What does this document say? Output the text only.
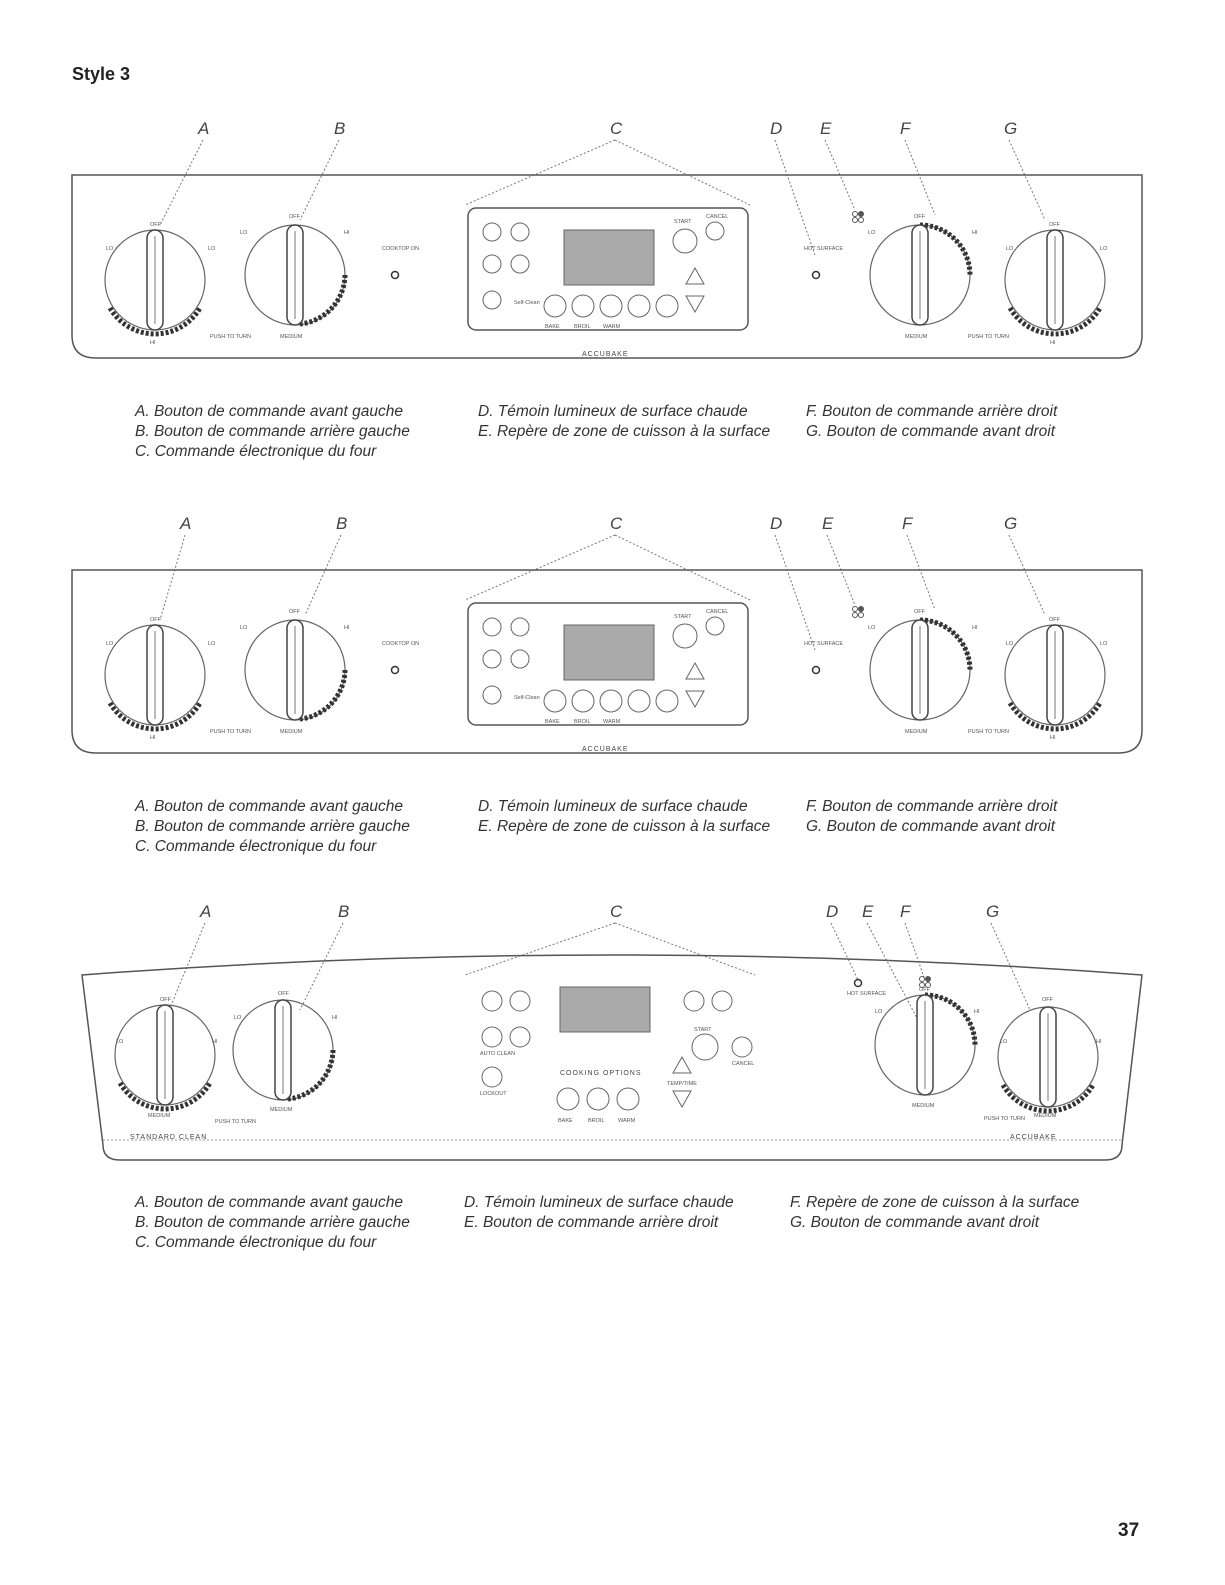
Style 3
A	B	C	D E	F	G
OFF
LO	LO
HI
PUSH TO TURN
OFF
LO	HI
MEDIUM
COOKTOP ON
Self-Clean
BAKE	BROIL WARM
START
CANCEL
ACCUBAKE
HOT SURFACE
OFF
LO	HI
MEDIUM	PUSH TO TURN
OFF
LO	LO
HI
A. Bouton de commande avant gauche
B. Bouton de commande arrière gauche
C. Commande électronique du four
D. Témoin lumineux de surface chaude
E. Repère de zone de cuisson à la surface
F. Bouton de commande arrière droit
G. Bouton de commande avant droit
A	B	C	D E	F	G
OFF
LO	LO
HI
PUSH TO TURN
OFF
LO	HI
MEDIUM
COOKTOP ON
Self-Clean
BAKE	BROIL WARM
START
CANCEL
ACCUBAKE
HOT SURFACE
OFF
LO	HI
MEDIUM	PUSH TO TURN
OFF
LO	LO
HI
A. Bouton de commande avant gauche
B. Bouton de commande arrière gauche
C. Commande électronique du four
D. Témoin lumineux de surface chaude
E. Repère de zone de cuisson à la surface
F. Bouton de commande arrière droit
G. Bouton de commande avant droit
A	B	C	D E F	G
OFF
LO	HI
MEDIUM
OFF
LO	HI
MEDIUM
PUSH TO TURN
STANDARD CLEAN
COOKING OPTIONS
BAKE	BROIL WARM
TEMP/TIME
START
CANCEL
AUTO CLEAN
LOCKOUT
HOT SURFACE
OFF
LO	HI
MEDIUM
PUSH TO TURN
OFF
LO	HI
MEDIUM
ACCUBAKE
A. Bouton de commande avant gauche
B. Bouton de commande arrière gauche
C. Commande électronique du four
D. Témoin lumineux de surface chaude
E. Bouton de commande arrière droit
F. Repère de zone de cuisson à la surface
G. Bouton de commande avant droit
37
